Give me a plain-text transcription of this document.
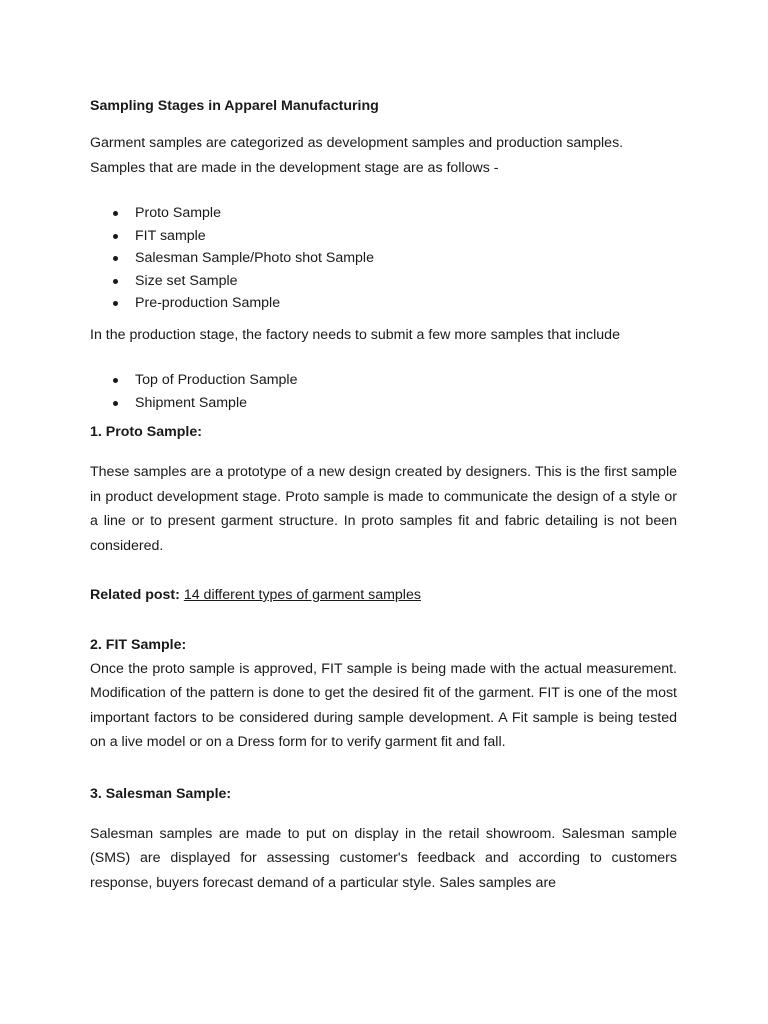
Sampling Stages in Apparel Manufacturing

Garment samples are categorized as development samples and production samples. Samples that are made in the development stage are as follows -

Proto Sample
FIT sample
Salesman Sample/Photo shot Sample
Size set Sample
Pre-production Sample

In the production stage, the factory needs to submit a few more samples that include

Top of Production Sample
Shipment Sample
1. Proto Sample:

These samples are a prototype of a new design created by designers. This is the first sample in product development stage. Proto sample is made to communicate the design of a style or a line or to present garment structure. In proto samples fit and fabric detailing is not been considered.

Related post: 14 different types of garment samples

2. FIT Sample:

Once the proto sample is approved, FIT sample is being made with the actual measurement. Modification of the pattern is done to get the desired fit of the garment. FIT is one of the most important factors to be considered during sample development. A Fit sample is being tested on a live model or on a Dress form for to verify garment fit and fall.

3. Salesman Sample:

Salesman samples are made to put on display in the retail showroom. Salesman sample (SMS) are displayed for assessing customer's feedback and according to customers response, buyers forecast demand of a particular style. Sales samples are
